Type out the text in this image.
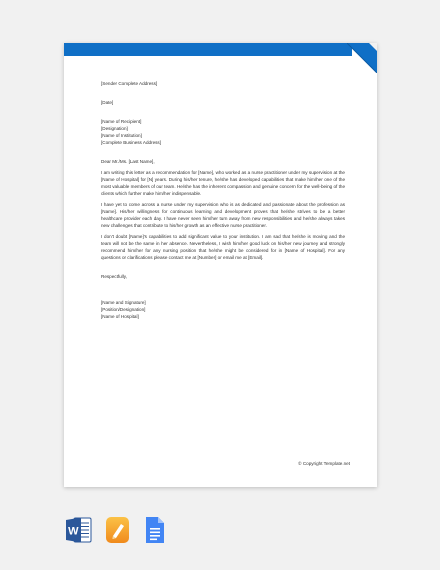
[Sender Complete Address]
[Date]
[Name of Recipient]
[Designation]
[Name of Institution]
[Complete Business Address]
Dear Mr./Ms. [Last Name],
I am writing this letter as a recommendation for [Name], who worked as a nurse practitioner under my supervision at the [Name of Hospital] for [N] years. During his/her tenure, he/she has developed capabilities that make him/her one of the most valuable members of our team. He/she has the inherent compassion and genuine concern for the well-being of the clients which further make him/her indispensable.
I have yet to come across a nurse under my supervision who is as dedicated and passionate about the profession as [Name]. His/her willingness for continuous learning and development proves that he/she strives to be a better healthcare provider each day. I have never seen him/her turn away from new responsibilities and he/she always takes new challenges that contribute to his/her growth as an effective nurse practitioner.
I don't doubt [Name]'s capabilities to add significant value to your institution. I am sad that he/she is moving and the team will not be the same in her absence. Nevertheless, I wish him/her good luck on his/her new journey and strongly recommend him/her for any nursing position that he/she might be considered for in [Name of Hospital]. For any questions or clarifications please contact me at [Number] or email me at [Email].
Respectfully,
[Name and Signature]
[Position/Designation]
[Name of Hospital]
© Copyright Template.net
W
